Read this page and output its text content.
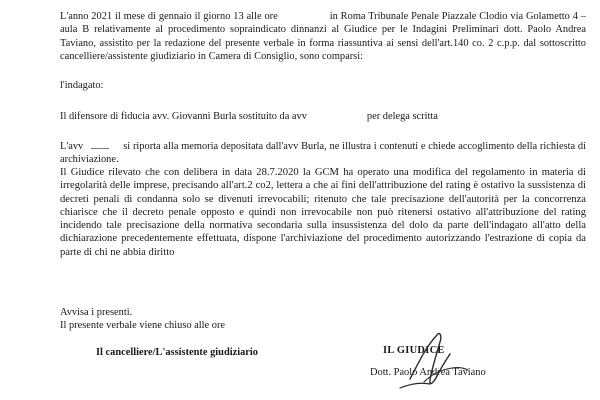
L'anno 2021 il mese di gennaio il giorno 13 alle ore	in Roma Tribunale Penale Piazzale Clodio via Golametto 4 – aula B relativamente al procedimento sopraindicato dinnanzi al Giudice per le Indagini Preliminari dott. Paolo Andrea Taviano, assistito per la redazione del presente verbale in forma riassuntiva ai sensi dell'art.140 co. 2 c.p.p. dal sottoscritto cancelliere/assistente giudiziario in Camera di Consiglio, sono comparsi:

l'indagato:
Il difensore di fiducia avv. Giovanni Burla sostituito da avv	per delega scritta

L'avv	si riporta alla memoria depositata dall'avv Burla, ne illustra i contenuti e chiede accoglimento della richiesta di archiviazione.

Il Giudice rilevato che con delibera in data 28.7.2020 la GCM ha operato una modifica del regolamento in materia di irregolarità delle imprese, precisando all'art.2 co2, lettera a che ai fini dell'attribuzione del rating è ostativo la sussistenza di decreti penali di condanna solo se divenuti irrevocabili; ritenuto che tale precisazione dell'autorità per la concorrenza chiarisce che il decreto penale opposto e quindi non irrevocabile non può ritenersi ostativo all'attribuzione del rating incidendo tale precisazione della normativa secondaria sulla insussistenza del dolo da parte dell'indagato all'atto della dichiarazione precedentemente effettuata, dispone l'archiviazione del procedimento autorizzando l'estrazione di copia da parte di chi ne abbia diritto
Avvisa i presenti.
Il presente verbale viene chiuso alle ore
Il cancelliere/L'assistente giudiziario	IL GIUDICE
Dott. Paolo Andrea Taviano
